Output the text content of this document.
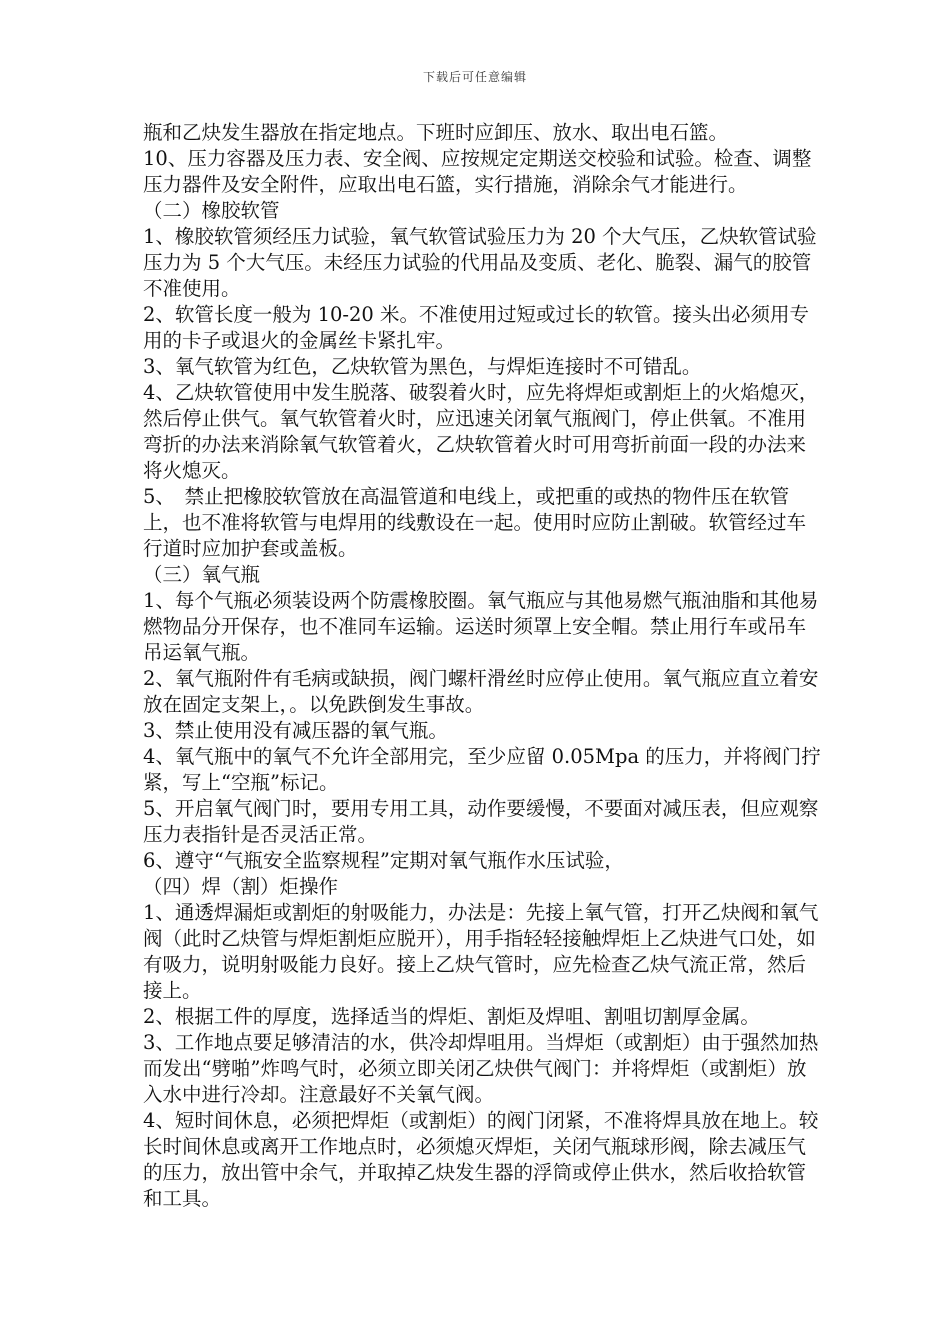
下载后可任意编辑

瓶和乙炔发生器放在指定地点。下班时应卸压、放水、取出电石篮。

10、压力容器及压力表、安全阀、应按规定定期送交校验和试验。检查、调整压力器件及安全附件，应取出电石篮，实行措施，消除余气才能进行。

（二）橡胶软管

1、橡胶软管须经压力试验，氧气软管试验压力为 20 个大气压，乙炔软管试验压力为 5 个大气压。未经压力试验的代用品及变质、老化、脆裂、漏气的胶管不准使用。

2、软管长度一般为 10-20 米。不准使用过短或过长的软管。接头出必须用专用的卡子或退火的金属丝卡紧扎牢。

3、氧气软管为红色，乙炔软管为黑色，与焊炬连接时不可错乱。

4、乙炔软管使用中发生脱落、破裂着火时，应先将焊炬或割炬上的火焰熄灭，然后停止供气。氧气软管着火时，应迅速关闭氧气瓶阀门，停止供氧。不准用弯折的办法来消除氧气软管着火，乙炔软管着火时可用弯折前面一段的办法来将火熄灭。

5、　禁止把橡胶软管放在高温管道和电线上，或把重的或热的物件压在软管上，也不准将软管与电焊用的线敷设在一起。使用时应防止割破。软管经过车行道时应加护套或盖板。

（三）氧气瓶

1、每个气瓶必须装设两个防震橡胶圈。氧气瓶应与其他易燃气瓶油脂和其他易燃物品分开保存，也不准同车运输。运送时须罩上安全帽。禁止用行车或吊车吊运氧气瓶。

2、氧气瓶附件有毛病或缺损，阀门螺杆滑丝时应停止使用。氧气瓶应直立着安放在固定支架上，。以免跌倒发生事故。

3、禁止使用没有减压器的氧气瓶。

4、氧气瓶中的氧气不允许全部用完，至少应留 0.05Mpa 的压力，并将阀门拧紧，写上“空瓶”标记。

5、开启氧气阀门时，要用专用工具，动作要缓慢，不要面对减压表，但应观察压力表指针是否灵活正常。

6、遵守“气瓶安全监察规程”定期对氧气瓶作水压试验，

（四）焊（割）炬操作

1、通透焊漏炬或割炬的射吸能力，办法是：先接上氧气管，打开乙炔阀和氧气阀（此时乙炔管与焊炬割炬应脱开），用手指轻轻接触焊炬上乙炔进气口处，如有吸力，说明射吸能力良好。接上乙炔气管时，应先检查乙炔气流正常，然后接上。

2、根据工件的厚度，选择适当的焊炬、割炬及焊咀、割咀切割厚金属。

3、工作地点要足够清洁的水，供冷却焊咀用。当焊炬（或割炬）由于强然加热而发出“劈啪”炸鸣气时，必须立即关闭乙炔供气阀门：并将焊炬（或割炬）放入水中进行冷却。注意最好不关氧气阀。

4、短时间休息，必须把焊炬（或割炬）的阀门闭紧，不准将焊具放在地上。较长时间休息或离开工作地点时，必须熄灭焊炬，关闭气瓶球形阀，除去减压气的压力，放出管中余气，并取掉乙炔发生器的浮筒或停止供水，然后收拾软管和工具。
